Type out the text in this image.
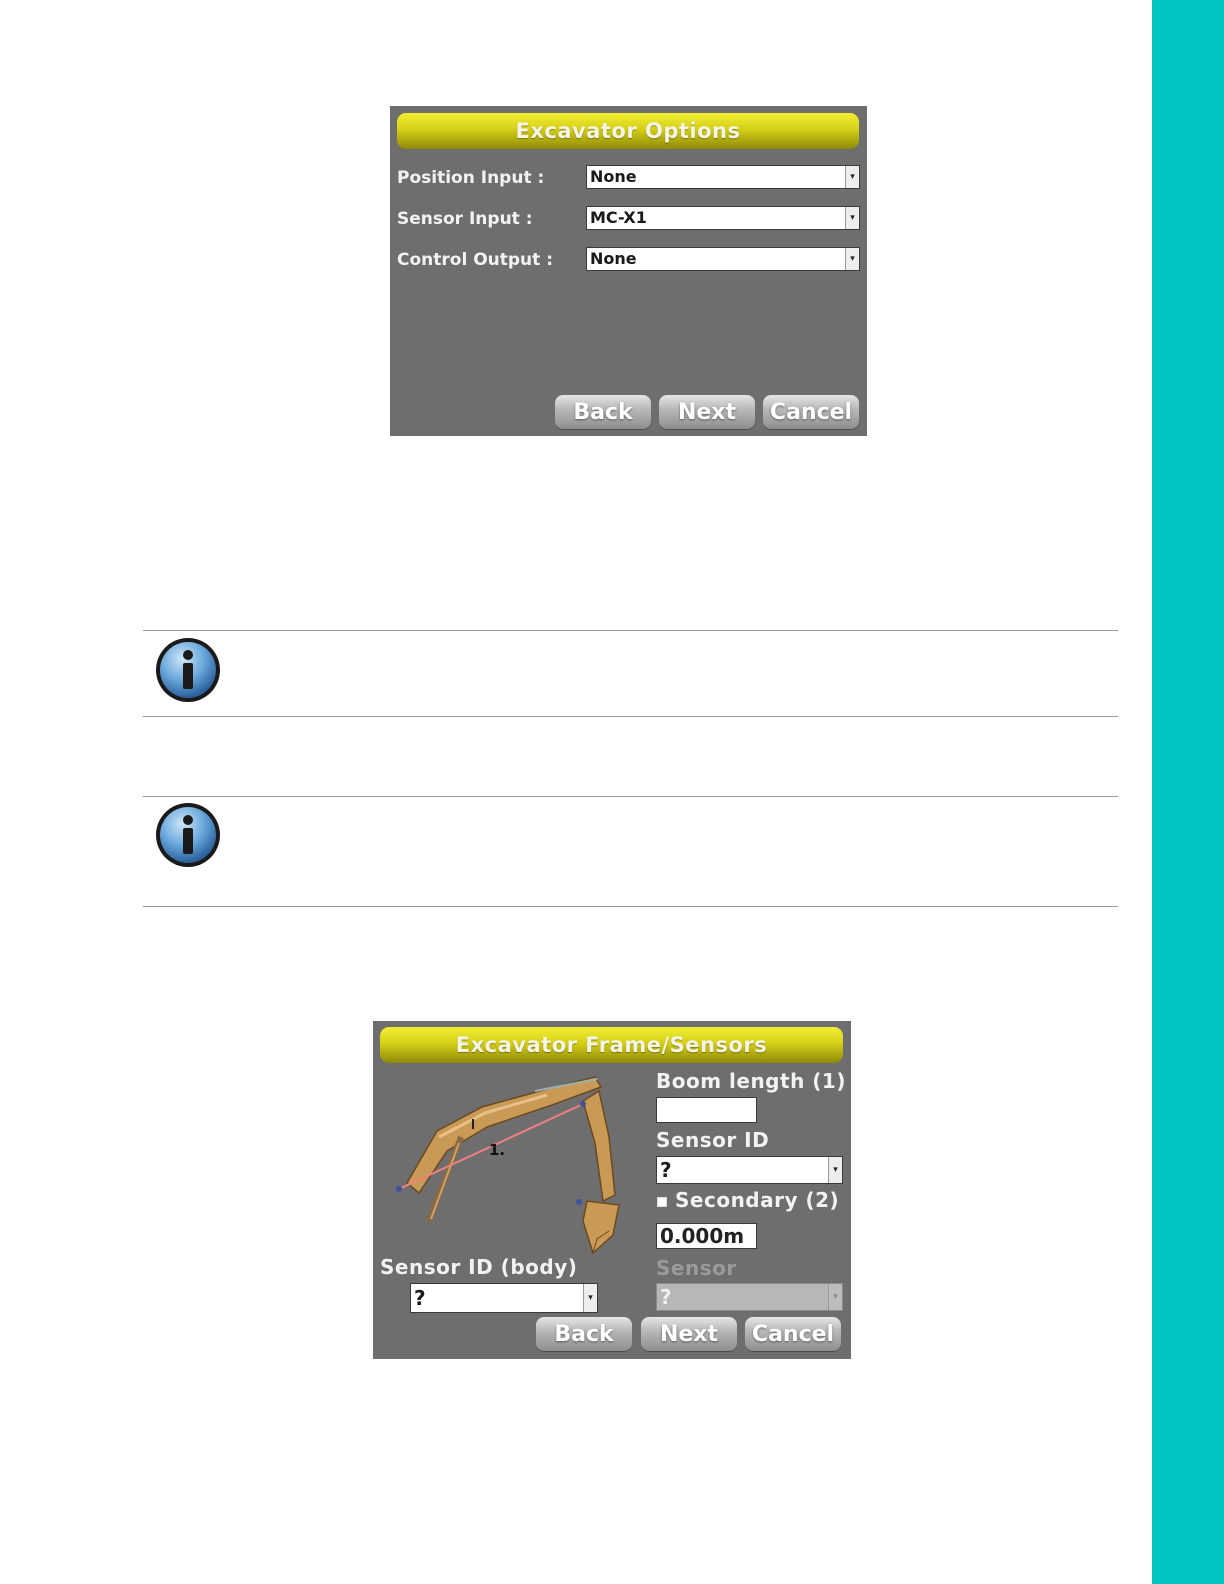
Excavator Options
Position Input :	None	▾
Sensor Input :	MC-X1	▾
Control Output : None	▾
Back	Next	Cancel
Excavator Frame/Sensors
1.
Boom length (1)
Sensor ID
?	▾
Secondary (2)
0.000m
Sensor
?	▾
Sensor ID (body)
?	▾
Back	Next	Cancel
